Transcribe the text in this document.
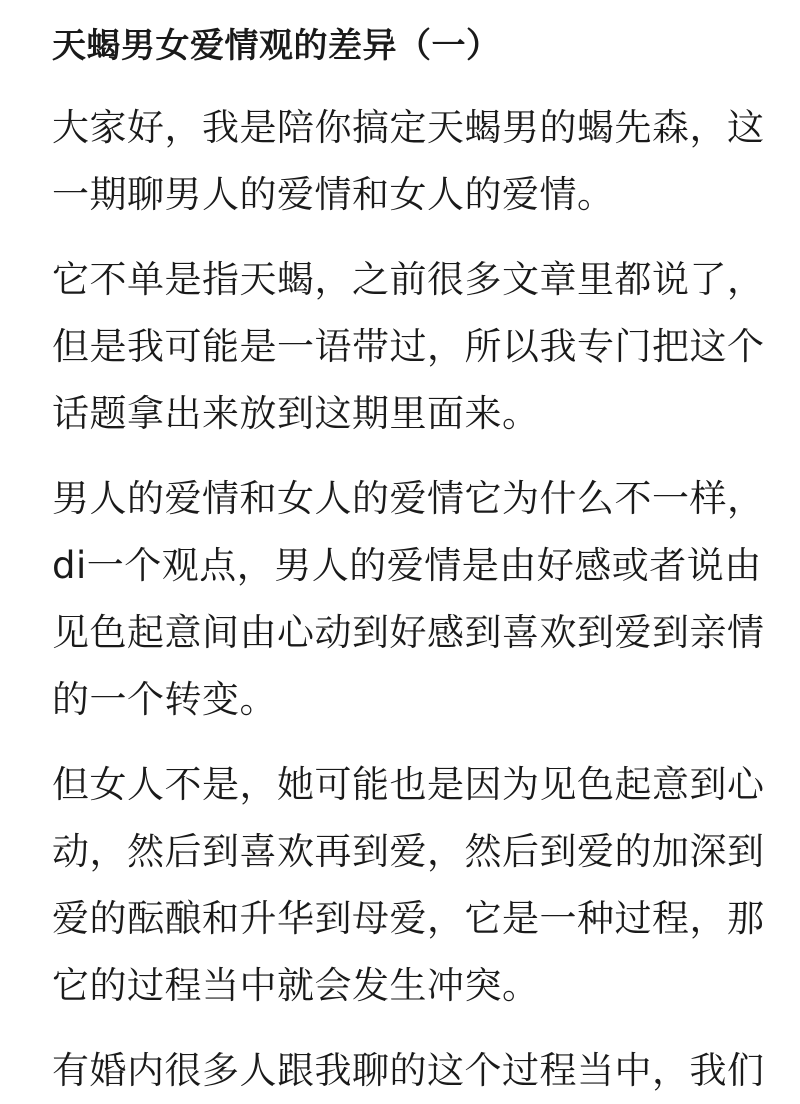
天蝎男女爱情观的差异（一）

大家好，我是陪你搞定天蝎男的蝎先森，这
一期聊男人的爱情和女人的爱情。

它不单是指天蝎，之前很多文章里都说了，
但是我可能是一语带过，所以我专门把这个
话题拿出来放到这期里面来。

男人的爱情和女人的爱情它为什么不一样，
di一个观点，男人的爱情是由好感或者说由
见色起意间由心动到好感到喜欢到爱到亲情
的一个转变。

但女人不是，她可能也是因为见色起意到心
动，然后到喜欢再到爱，然后到爱的加深到
爱的酝酿和升华到母爱，它是一种过程，那
它的过程当中就会发生冲突。

有婚内很多人跟我聊的这个过程当中，我们
